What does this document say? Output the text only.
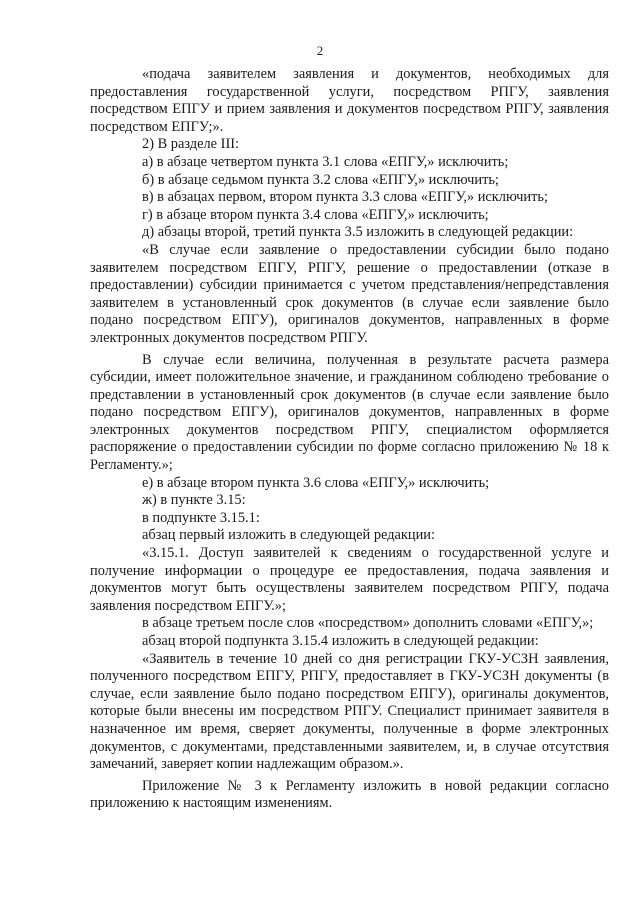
2

«подача заявителем заявления и документов, необходимых для предоставления государственной услуги, посредством РПГУ, заявления посредством ЕПГУ и прием заявления и документов посредством РПГУ, заявления посредством ЕПГУ;».

2) В разделе III:

а) в абзаце четвертом пункта 3.1 слова «ЕПГУ,» исключить;

б) в абзаце седьмом пункта 3.2 слова «ЕПГУ,» исключить;

в) в абзацах первом, втором пункта 3.3 слова «ЕПГУ,» исключить;

г) в абзаце втором пункта 3.4 слова «ЕПГУ,» исключить;

д) абзацы второй, третий пункта 3.5 изложить в следующей редакции:

«В случае если заявление о предоставлении субсидии было подано заявителем посредством ЕПГУ, РПГУ, решение о предоставлении (отказе в предоставлении) субсидии принимается с учетом представления/непредставления заявителем в установленный срок документов (в случае если заявление было подано посредством ЕПГУ), оригиналов документов, направленных в форме электронных документов посредством РПГУ.

В случае если величина, полученная в результате расчета размера субсидии, имеет положительное значение, и гражданином соблюдено требование о представлении в установленный срок документов (в случае если заявление было подано посредством ЕПГУ), оригиналов документов, направленных в форме электронных документов посредством РПГУ, специалистом оформляется распоряжение о предоставлении субсидии по форме согласно приложению № 18 к Регламенту.»;

е) в абзаце втором пункта 3.6 слова «ЕПГУ,» исключить;

ж) в пункте 3.15:

в подпункте 3.15.1:

абзац первый изложить в следующей редакции:

«3.15.1. Доступ заявителей к сведениям о государственной услуге и получение информации о процедуре ее предоставления, подача заявления и документов могут быть осуществлены заявителем посредством РПГУ, подача заявления посредством ЕПГУ.»;

в абзаце третьем после слов «посредством» дополнить словами «ЕПГУ,»;

абзац второй подпункта 3.15.4 изложить в следующей редакции:

«Заявитель в течение 10 дней со дня регистрации ГКУ-УСЗН заявления, полученного посредством ЕПГУ, РПГУ, предоставляет в ГКУ-УСЗН документы (в случае, если заявление было подано посредством ЕПГУ), оригиналы документов, которые были внесены им посредством РПГУ. Специалист принимает заявителя в назначенное им время, сверяет документы, полученные в форме электронных документов, с документами, представленными заявителем, и, в случае отсутствия замечаний, заверяет копии надлежащим образом.».

Приложение № 3 к Регламенту изложить в новой редакции согласно приложению к настоящим изменениям.
